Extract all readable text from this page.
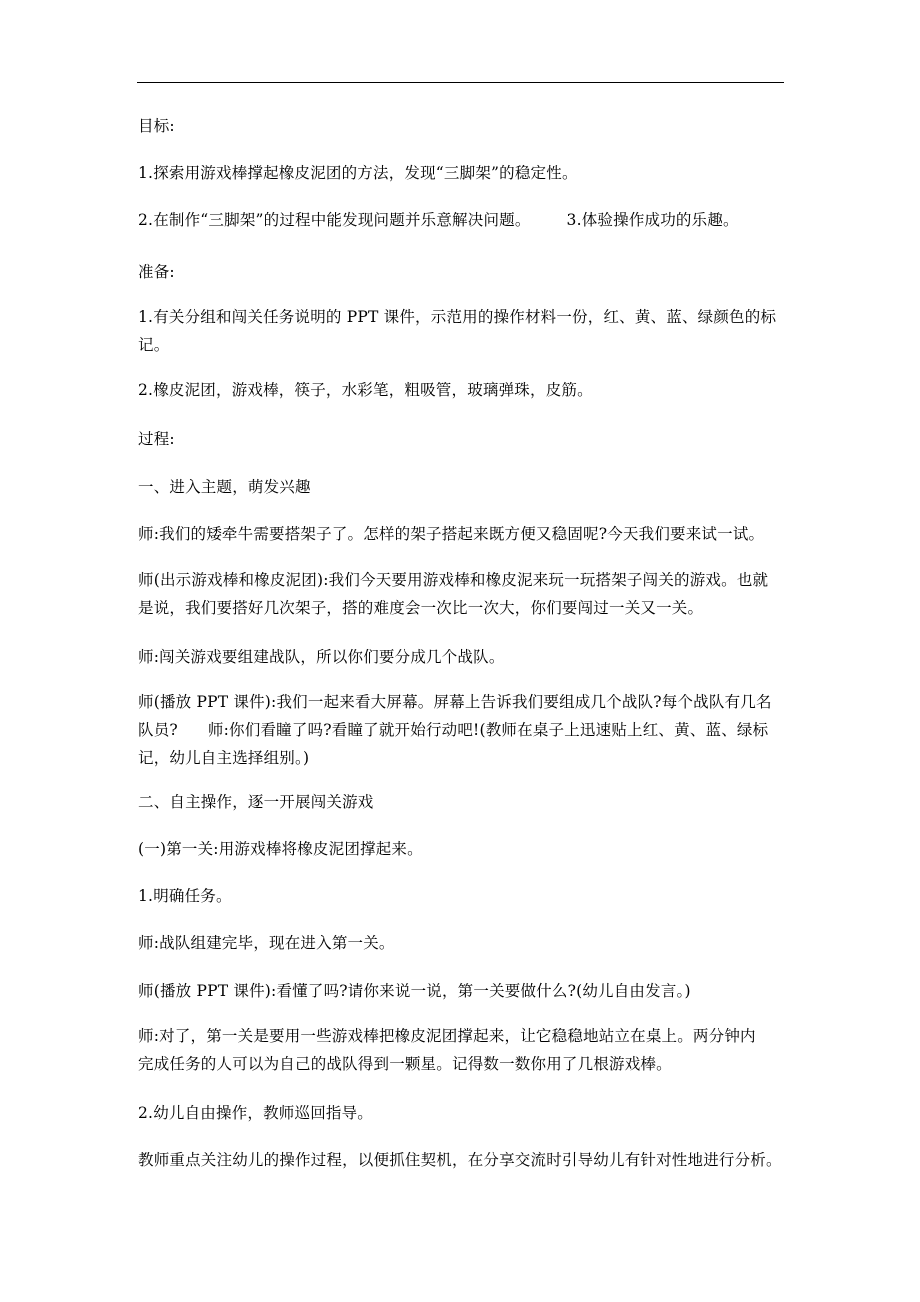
目标:
1.探索用游戏棒撑起橡皮泥团的方法，发现“三脚架”的稳定性。
2.在制作“三脚架”的过程中能发现问题并乐意解决问题。 3.体验操作成功的乐趣。
准备:
1.有关分组和闯关任务说明的 PPT 课件，示范用的操作材料一份，红、黄、蓝、绿颜色的标
记。
2.橡皮泥团，游戏棒，筷子，水彩笔，粗吸管，玻璃弹珠，皮筋。
过程:
一、进入主题，萌发兴趣
师:我们的矮牵牛需要搭架子了。怎样的架子搭起来既方便又稳固呢?今天我们要来试一试。
师(出示游戏棒和橡皮泥团):我们今天要用游戏棒和橡皮泥来玩一玩搭架子闯关的游戏。也就
是说，我们要搭好几次架子，搭的难度会一次比一次大，你们要闯过一关又一关。
师:闯关游戏要组建战队，所以你们要分成几个战队。
师(播放 PPT 课件):我们一起来看大屏幕。屏幕上告诉我们要组成几个战队?每个战队有几名
队员? 师:你们看瞳了吗?看瞳了就开始行动吧!(教师在桌子上迅速贴上红、黄、蓝、绿标
记，幼儿自主选择组别。)
二、自主操作，逐一开展闯关游戏
(一)第一关:用游戏棒将橡皮泥团撑起来。
1.明确任务。
师:战队组建完毕，现在进入第一关。
师(播放 PPT 课件):看懂了吗?请你来说一说，第一关要做什么?(幼儿自由发言。)
师:对了，第一关是要用一些游戏棒把橡皮泥团撑起来，让它稳稳地站立在桌上。两分钟内
完成任务的人可以为自己的战队得到一颗星。记得数一数你用了几根游戏棒。
2.幼儿自由操作，教师巡回指导。
教师重点关注幼儿的操作过程，以便抓住契机，在分享交流时引导幼儿有针对性地进行分析。
